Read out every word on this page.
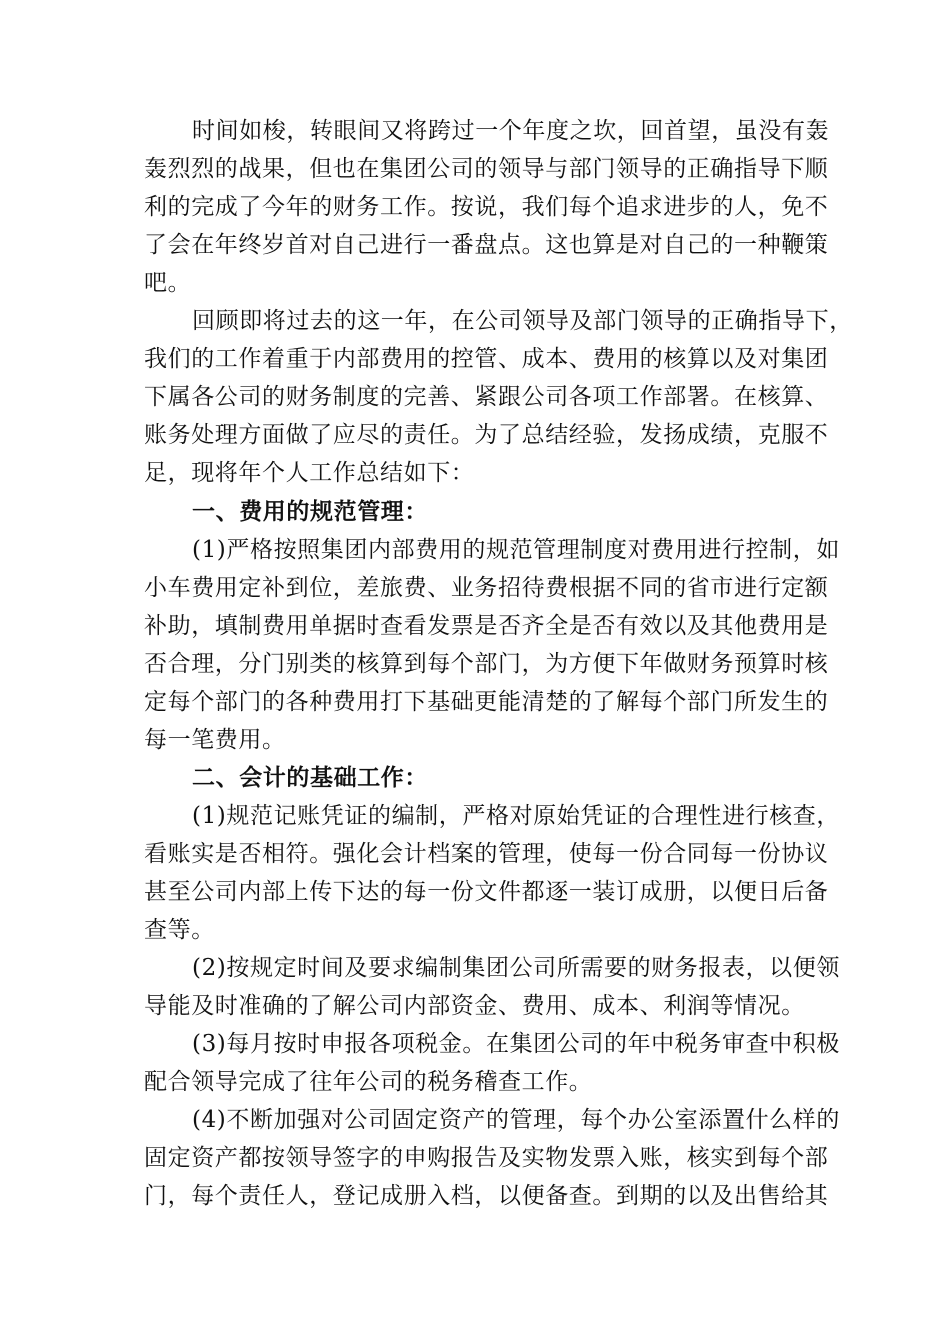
时间如梭，转眼间又将跨过一个年度之坎，回首望，虽没有轰
轰烈烈的战果，但也在集团公司的领导与部门领导的正确指导下顺
利的完成了今年的财务工作。按说，我们每个追求进步的人，免不
了会在年终岁首对自己进行一番盘点。这也算是对自己的一种鞭策
吧。
回顾即将过去的这一年，在公司领导及部门领导的正确指导下，
我们的工作着重于内部费用的控管、成本、费用的核算以及对集团
下属各公司的财务制度的完善、紧跟公司各项工作部署。在核算、
账务处理方面做了应尽的责任。为了总结经验，发扬成绩，克服不
足，现将年个人工作总结如下：
一、费用的规范管理：
(1)严格按照集团内部费用的规范管理制度对费用进行控制，如
小车费用定补到位，差旅费、业务招待费根据不同的省市进行定额
补助，填制费用单据时查看发票是否齐全是否有效以及其他费用是
否合理，分门别类的核算到每个部门，为方便下年做财务预算时核
定每个部门的各种费用打下基础更能清楚的了解每个部门所发生的
每一笔费用。
二、会计的基础工作：
(1)规范记账凭证的编制，严格对原始凭证的合理性进行核查，
看账实是否相符。强化会计档案的管理，使每一份合同每一份协议
甚至公司内部上传下达的每一份文件都逐一装订成册，以便日后备
查等。
(2)按规定时间及要求编制集团公司所需要的财务报表，以便领
导能及时准确的了解公司内部资金、费用、成本、利润等情况。
(3)每月按时申报各项税金。在集团公司的年中税务审查中积极
配合领导完成了往年公司的税务稽查工作。
(4)不断加强对公司固定资产的管理，每个办公室添置什么样的
固定资产都按领导签字的申购报告及实物发票入账，核实到每个部
门，每个责任人，登记成册入档，以便备查。到期的以及出售给其
